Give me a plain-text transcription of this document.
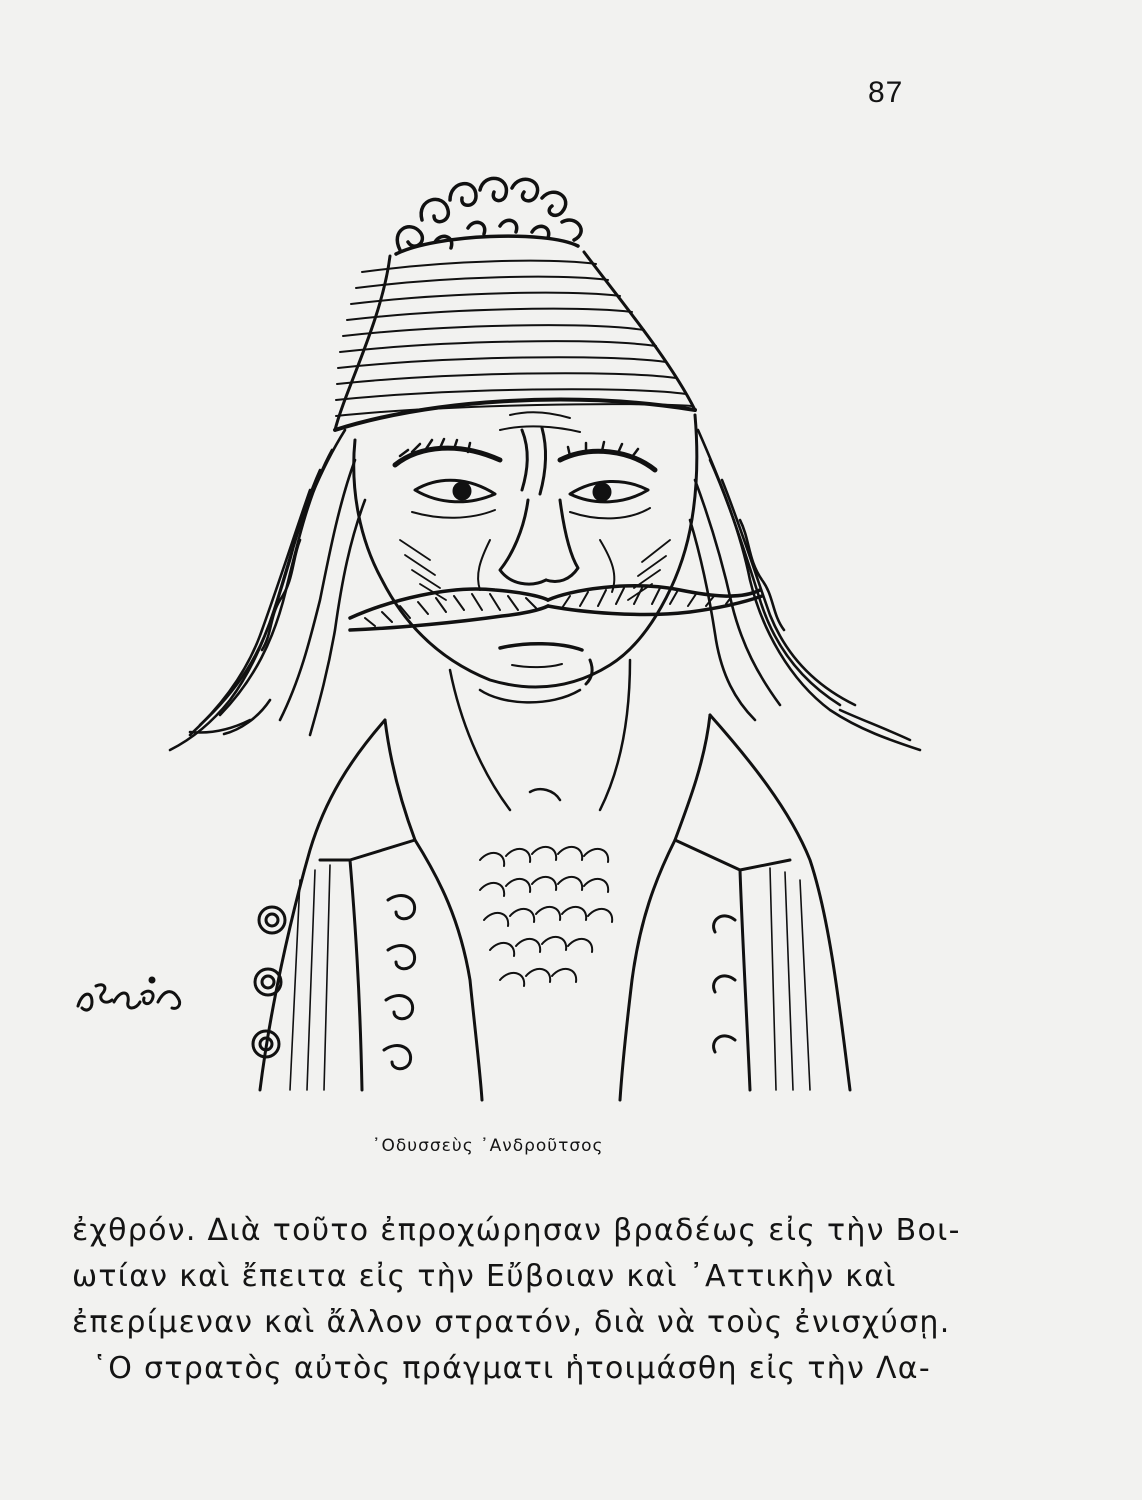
87
᾿Οδυσσεὺς ᾿Ανδροῦτσος
ἐχθρόν. Διὰ τοῦτο ἐπροχώρησαν βραδέως εἰς τὴν Βοι-
ωτίαν καὶ ἔπειτα εἰς τὴν Εὔβοιαν καὶ ᾿Αττικὴν καὶ
ἐπερίμεναν καὶ ἄλλον στρατόν, διὰ νὰ τοὺς ἐνισχύσῃ.
῾Ο στρατὸς αὐτὸς πράγματι ἡτοιμάσθη εἰς τὴν Λα-
